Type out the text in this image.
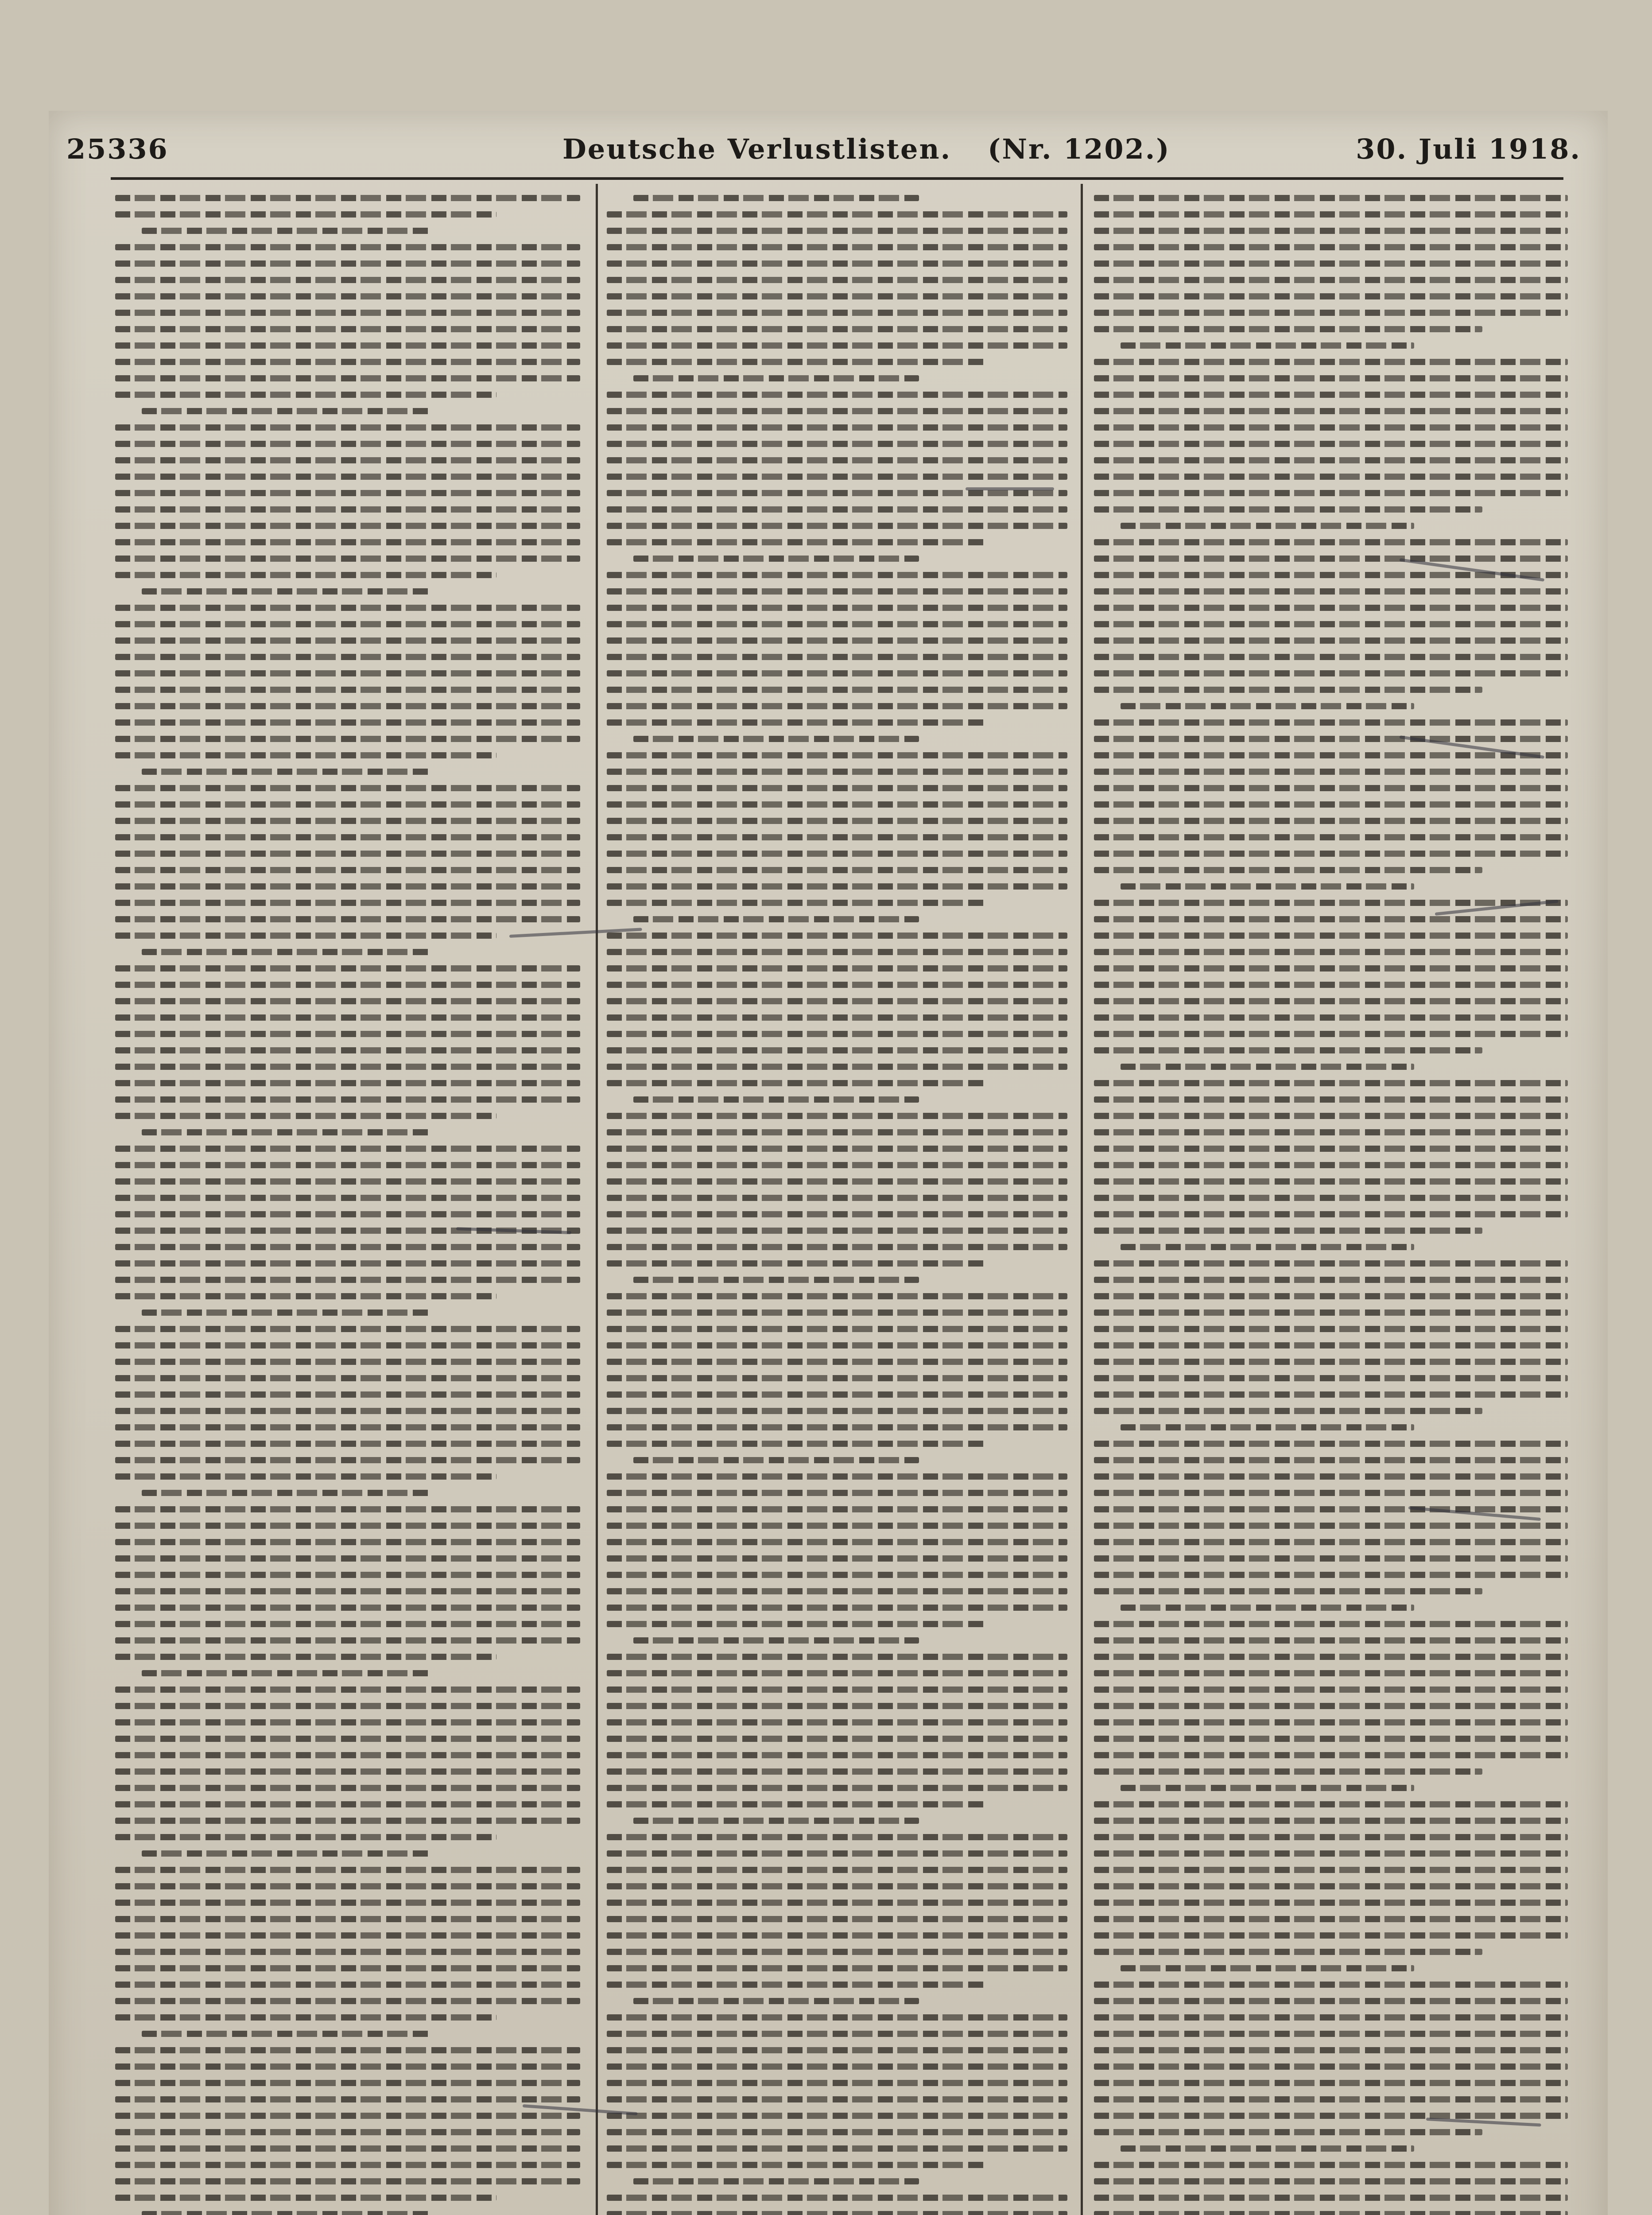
25336	Deutsche Verlustlisten. (Nr. 1202.)	30. Juli 1918.
